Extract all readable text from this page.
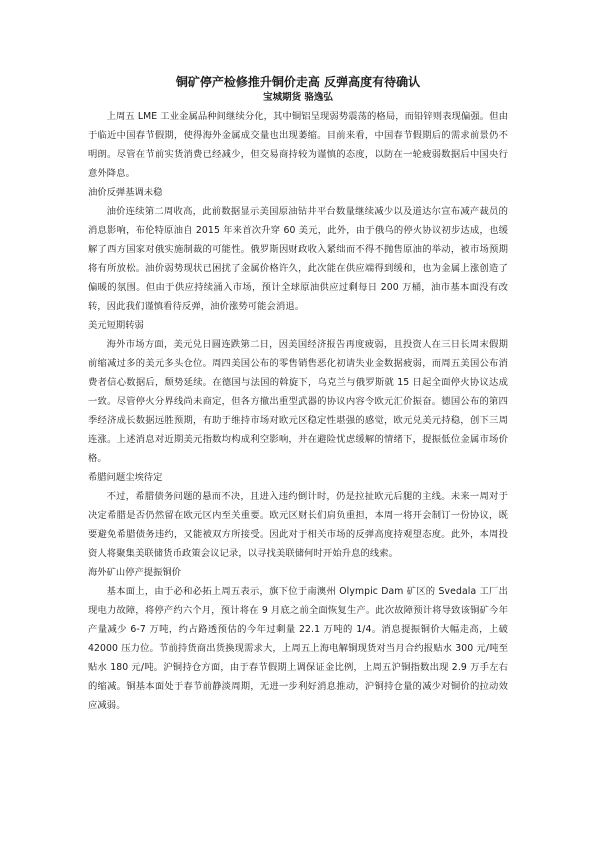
铜矿停产检修推升铜价走高 反弹高度有待确认
宝城期货 骆逸弘

上周五 LME 工业金属品种间继续分化，其中铜铝呈现弱势震荡的格局，而铅锌则表现偏强。但由于临近中国春节假期，使得海外金属成交量也出现萎缩。目前来看，中国春节假期后的需求前景仍不明朗。尽管在节前实货消费已经减少，但交易商持较为谨慎的态度，以防在一轮疲弱数据后中国央行意外降息。

油价反弹基调未稳

油价连续第二周收高，此前数据显示美国原油钻井平台数量继续减少以及道达尔宣布减产裁员的消息影响，布伦特原油自 2015 年来首次升穿 60 美元，此外，由于俄乌的停火协议初步达成，也缓解了西方国家对俄实施制裁的可能性。俄罗斯因财政收入紧绌而不得不抛售原油的举动，被市场预期将有所放松。油价弱势现状已困扰了金属价格许久，此次能在供应端得到缓和，也为金属上涨创造了偏暖的氛围。但由于供应持续涌入市场，预计全球原油供应过剩每日 200 万桶，油市基本面没有改转，因此我们谨慎看待反弹，油价涨势可能会消退。

美元短期转弱

海外市场方面，美元兑日圆连跌第二日，因美国经济报告再度疲弱，且投资人在三日长周末假期前缩减过多的美元多头仓位。周四美国公布的零售销售恶化初请失业金数据疲弱，而周五美国公布消费者信心数据后，颓势延续。在德国与法国的斡旋下，乌克兰与俄罗斯就 15 日起全面停火协议达成一致。尽管停火分界线尚未商定，但各方撤出重型武器的协议内容令欧元汇价振奋。德国公布的第四季经济成长数据远胜预期，有助于维持市场对欧元区稳定性堪强的感觉，欧元兑美元持稳，创下三周连涨。上述消息对近期美元指数均构成利空影响，并在避险忧虑缓解的情绪下，提振低位金属市场价格。

希腊问题尘埃待定

不过，希腊债务问题的悬而不决，且进入违约倒计时，仍是拉扯欧元后腿的主线。未来一周对于决定希腊是否仍然留在欧元区内至关重要。欧元区财长们肩负重担，本周一将开会制订一份协议，既要避免希腊债务违约，又能被双方所接受。因此对于相关市场的反弹高度持观望态度。此外，本周投资人将聚集美联储货币政策会议记录，以寻找美联储何时开始升息的线索。

海外矿山停产提振铜价

基本面上，由于必和必拓上周五表示，旗下位于南澳州 Olympic Dam 矿区的 Svedala 工厂出现电力故障，将停产约六个月，预计将在 9 月底之前全面恢复生产。此次故障预计将导致该铜矿今年产量减少 6-7 万吨，约占路透预估的今年过剩量 22.1 万吨的 1/4。消息提振铜价大幅走高，上破 42000 压力位。节前持货商出货换现需求大，上周五上海电解铜现货对当月合约报贴水 300 元/吨至贴水 180 元/吨。沪铜持仓方面，由于春节假期上调保证金比例，上周五沪铜指数出现 2.9 万手左右的缩减。铜基本面处于春节前静淡周期，无进一步利好消息推动，沪铜持仓量的减少对铜价的拉动效应减弱。
